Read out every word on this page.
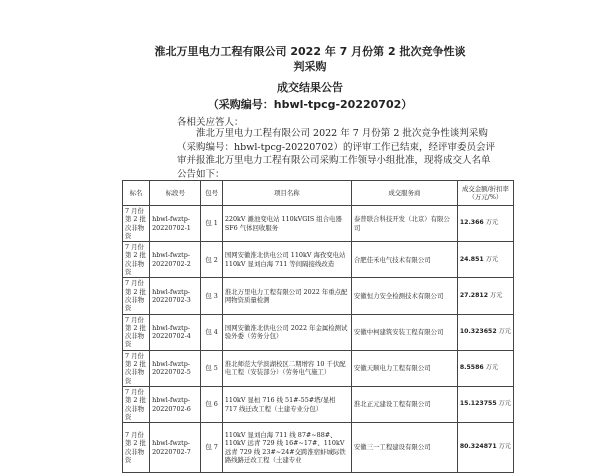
淮北万里电力工程有限公司 2022 年 7 月份第 2 批次竞争性谈判采购
成交结果公告
（采购编号：hbwl-tpcg-20220702）
各相关应答人：
淮北万里电力工程有限公司 2022 年 7 月份第 2 批次竞争性谈判采购（采购编号：hbwl-tpcg-20220702）的评审工作已结束，经评审委员会评审并报淮北万里电力工程有限公司采购工作领导小组批准，现将成交人名单公告如下：
标名	标段号	包号	项目名称	成交服务商	成交金额/折扣率（万元/%）
7 月份第 2 批次非物资	hbwl-fwztp-20220702-1	包 1	220kV 濉池变电站 110kVGIS 组合电器 SF6 气体回收服务	泰普联合科技开发（北京）有限公司	12.366 万元
7 月份第 2 批次非物资	hbwl-fwztp-20220702-2	包 2	国网安徽淮北供电公司 110kV 海孜变电站 110kV 显刘白海 711 等间隔接线改造	合肥佳禾电气技术有限公司	24.851 万元
7 月份第 2 批次非物资	hbwl-fwztp-20220702-3	包 3	淮北万里电力工程有限公司 2022 年重点配网物资质量检测	安徽恒力安全检测技术有限公司	27.2812 万元
7 月份第 2 批次非物资	hbwl-fwztp-20220702-4	包 4	国网安徽淮北供电公司 2022 年金属检测试验外委（劳务分包）	安徽中柯建筑安装工程有限公司	10.323652 万元
7 月份第 2 批次非物资	hbwl-fwztp-20220702-5	包 5	淮北师范大学滨湖校区二期增容 10 千伏配电工程（安装部分）（劳务电气施工）	安徽天顺电力工程有限公司	8.5586 万元
7 月份第 2 批次非物资	hbwl-fwztp-20220702-6	包 6	110kV 显桓 716 线 51#-55#塔/显相 717 线迁改工程（土建专业分包）	淮北正元建设工程有限公司	15.123755 万元
7 月份第 2 批次非物资	hbwl-fwztp-20220702-7	包 7	110kV 显刘白海 711 线 87#~88#、110kV 远青 729 线 16#~17#、110kV 远青 729 线 23#~24#交跨淮宿蚌城际铁路线路迁改工程（土建专业	安徽三一工程建设有限公司	80.324871 万元
